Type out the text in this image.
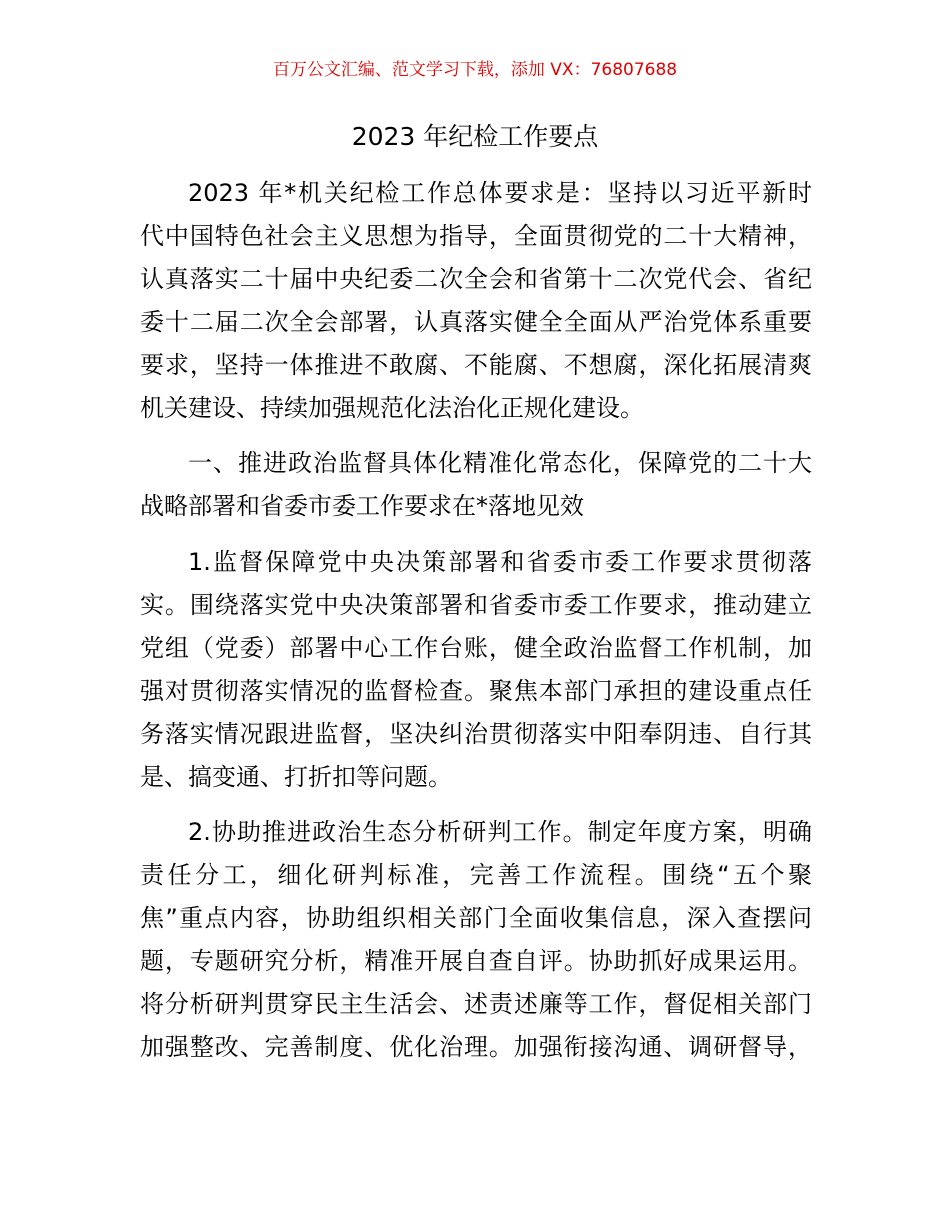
百万公文汇编、范文学习下载，添加 VX：76807688
2023 年纪检工作要点
2023 年*机关纪检工作总体要求是：坚持以习近平新时
代中国特色社会主义思想为指导，全面贯彻党的二十大精神，
认真落实二十届中央纪委二次全会和省第十二次党代会、省纪
委十二届二次全会部署，认真落实健全全面从严治党体系重要
要求，坚持一体推进不敢腐、不能腐、不想腐，深化拓展清爽
机关建设、持续加强规范化法治化正规化建设。
一、推进政治监督具体化精准化常态化，保障党的二十大
战略部署和省委市委工作要求在*落地见效
1.监督保障党中央决策部署和省委市委工作要求贯彻落
实。围绕落实党中央决策部署和省委市委工作要求，推动建立
党组（党委）部署中心工作台账，健全政治监督工作机制，加
强对贯彻落实情况的监督检查。聚焦本部门承担的建设重点任
务落实情况跟进监督，坚决纠治贯彻落实中阳奉阴违、自行其
是、搞变通、打折扣等问题。
2.协助推进政治生态分析研判工作。制定年度方案，明确
责任分工，细化研判标准，完善工作流程。围绕“五个聚
焦”重点内容，协助组织相关部门全面收集信息，深入查摆问
题，专题研究分析，精准开展自查自评。协助抓好成果运用。
将分析研判贯穿民主生活会、述责述廉等工作，督促相关部门
加强整改、完善制度、优化治理。加强衔接沟通、调研督导，
